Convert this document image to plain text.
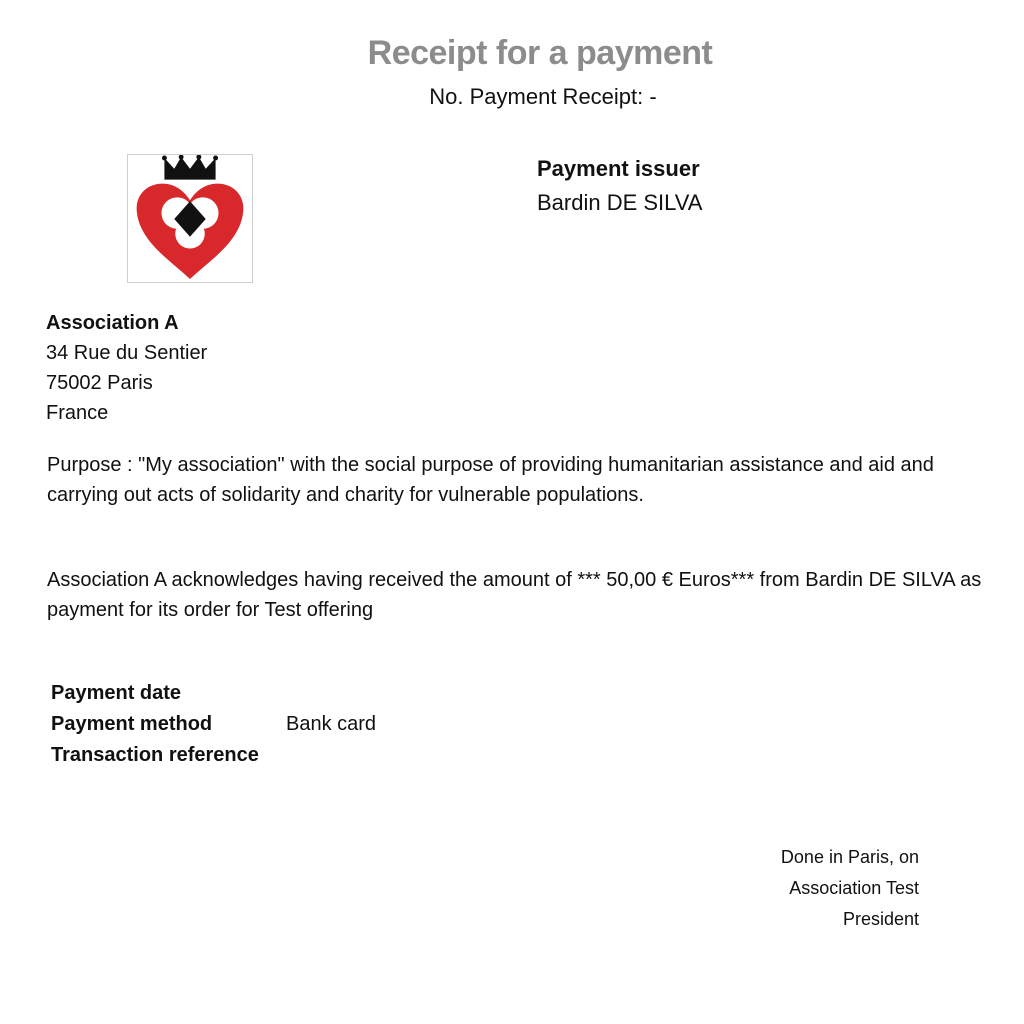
Receipt for a payment
No. Payment Receipt: -
Payment issuer
Bardin DE SILVA
Association A
34 Rue du Sentier
75002 Paris
France
Purpose : "My association" with the social purpose of providing humanitarian assistance and aid and carrying out acts of solidarity and charity for vulnerable populations.
Association A acknowledges having received the amount of *** 50,00 € Euros*** from Bardin DE SILVA as payment for its order for Test offering
Payment date
Payment method	Bank card
Transaction reference
Done in Paris, on
Association Test
President
